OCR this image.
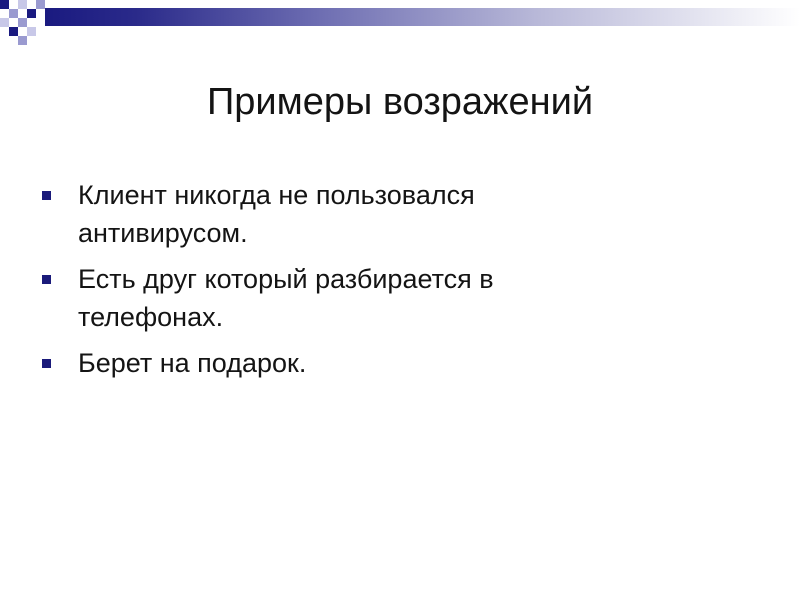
Примеры возражений
Клиент никогда не пользовался
антивирусом.
Есть друг который разбирается в
телефонах.
Берет на подарок.
